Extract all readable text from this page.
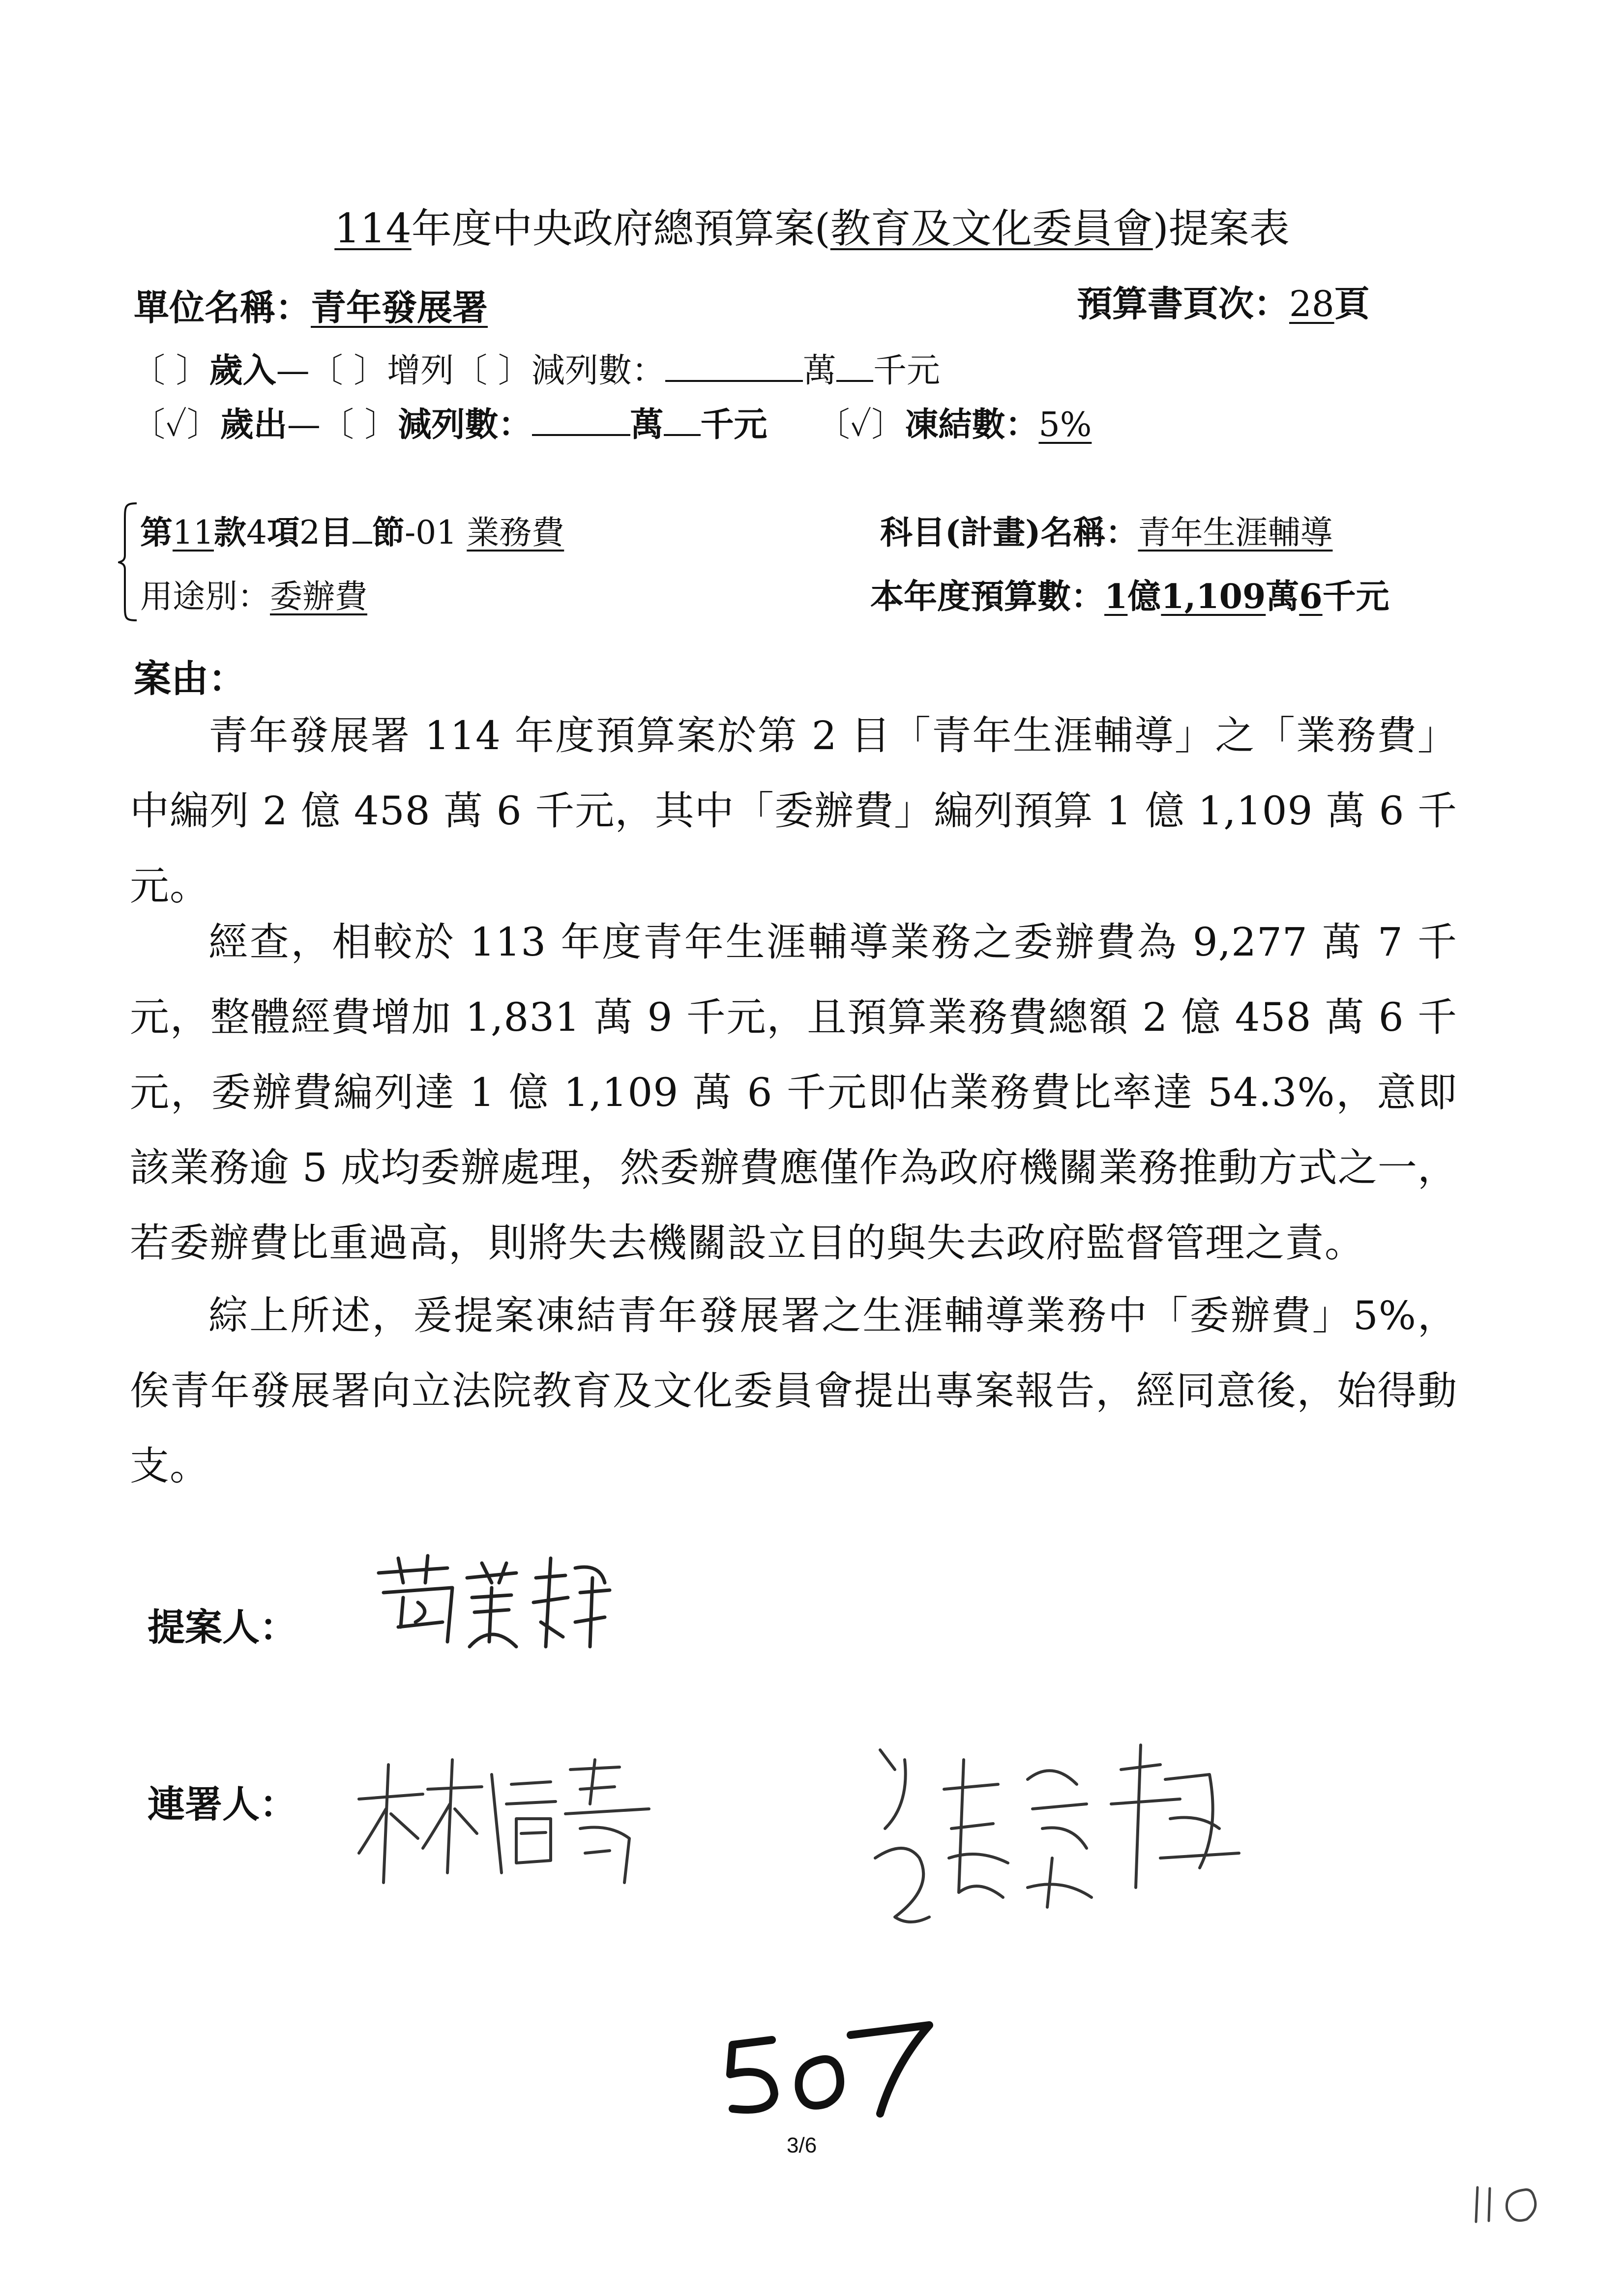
114年度中央政府總預算案(教育及文化委員會)提案表
單位名稱：青年發展署	預算書頁次：28頁
〔 〕歲入—〔 〕增列〔 〕減列數：	萬 千元
〔✓〕歲出—〔 〕減列數：	萬 千元 〔✓〕凍結數：5%
第11款4項2目 節-01 業務費	科目(計畫)名稱：青年生涯輔導
用途別：委辦費	本年度預算數：1億1,109萬6千元
案由：
青年發展署 114 年度預算案於第 2 目「青年生涯輔導」之「業務費」中編列 2 億 458 萬 6 千元，其中「委辦費」編列預算 1 億 1,109 萬 6 千元。
經查，相較於 113 年度青年生涯輔導業務之委辦費為 9,277 萬 7 千元，整體經費增加 1,831 萬 9 千元，且預算業務費總額 2 億 458 萬 6 千元，委辦費編列達 1 億 1,109 萬 6 千元即佔業務費比率達 54.3%，意即該業務逾 5 成均委辦處理，然委辦費應僅作為政府機關業務推動方式之一，若委辦費比重過高，則將失去機關設立目的與失去政府監督管理之責。
綜上所述，爰提案凍結青年發展署之生涯輔導業務中「委辦費」5%，俟青年發展署向立法院教育及文化委員會提出專案報告，經同意後，始得動支。
提案人：
連署人：
3/6
